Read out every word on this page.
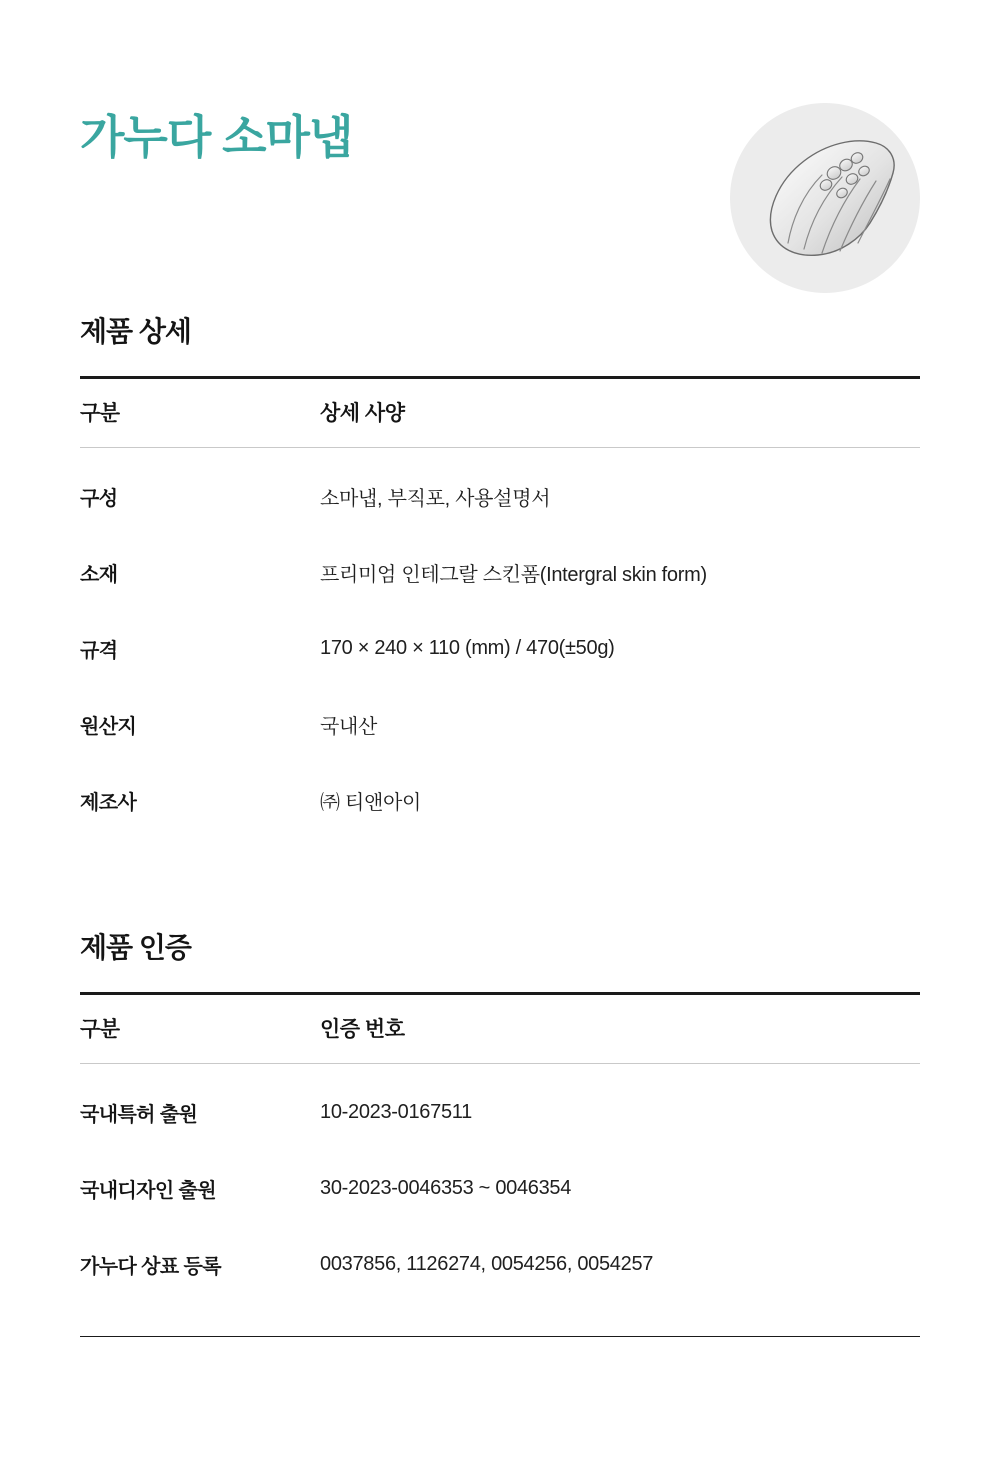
가누다 소마냅
제품 상세
구분	상세 사양
구성	소마냅, 부직포, 사용설명서
소재	프리미엄 인테그랄 스킨폼(Intergral skin form)
규격	170 × 240 × 110 (mm) / 470(±50g)
원산지	국내산
제조사	㈜ 티앤아이
제품 인증
구분	인증 번호
국내특허 출원	10-2023-0167511
국내디자인 출원	30-2023-0046353 ~ 0046354
가누다 상표 등록	0037856, 1126274, 0054256, 0054257
